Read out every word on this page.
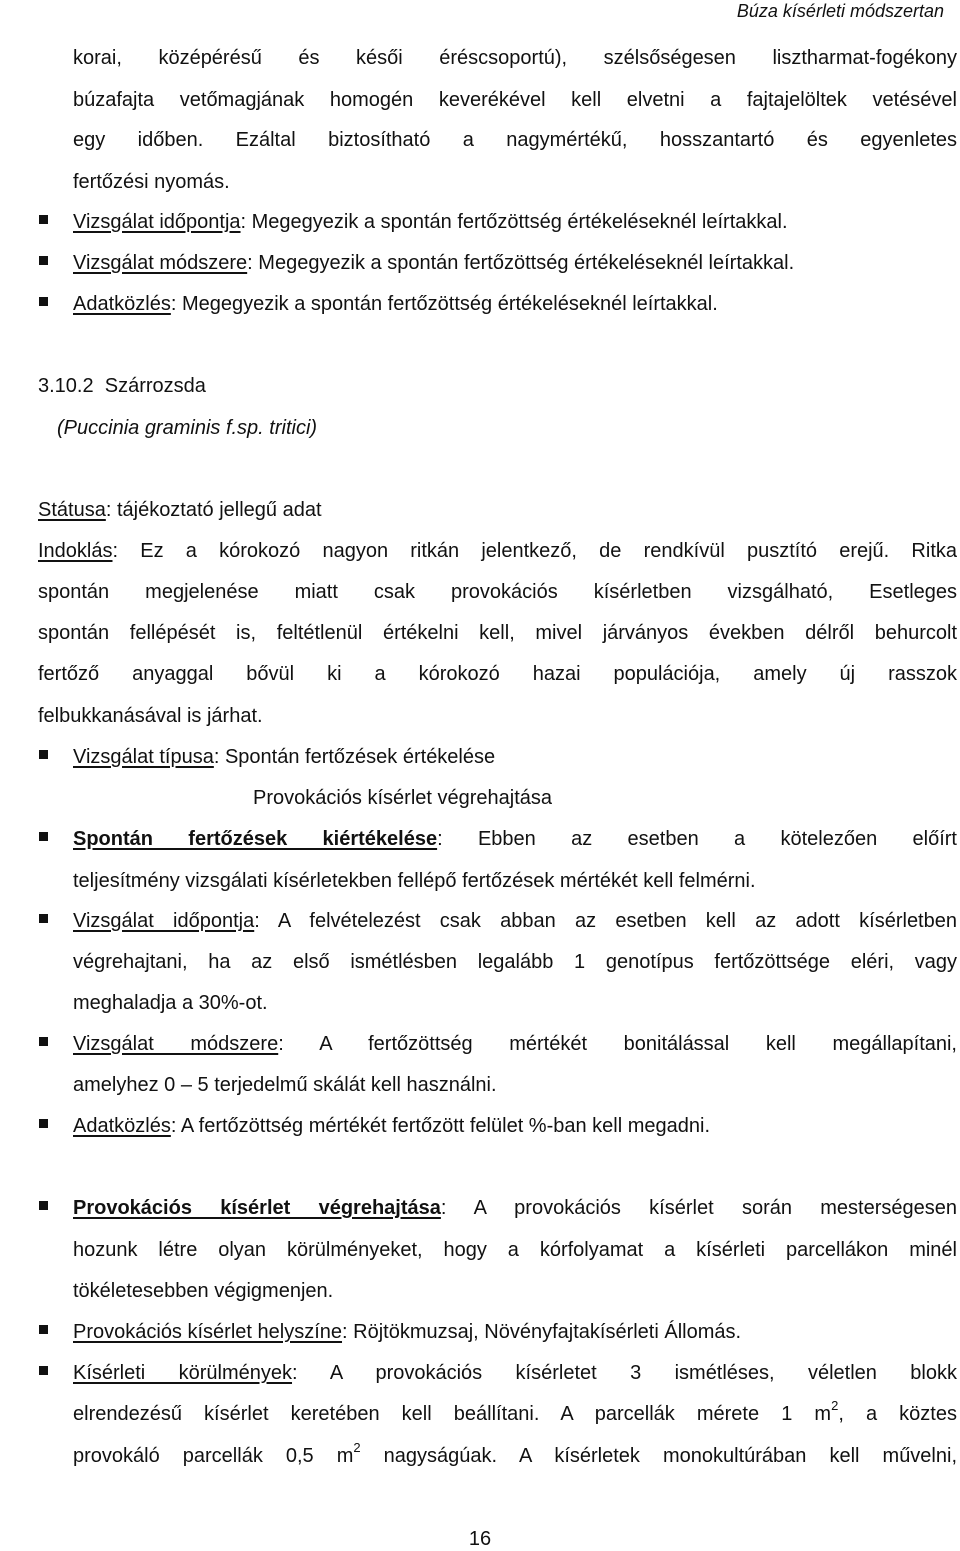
Búza kísérleti módszertan
korai, középérésű és késői éréscsoportú), szélsőségesen lisztharmat-fogékony
búzafajta vetőmagjának homogén keverékével kell elvetni a fajtajelöltek vetésével
egy időben. Ezáltal biztosítható a nagymértékű, hosszantartó és egyenletes
fertőzési nyomás.
Vizsgálat időpontja: Megegyezik a spontán fertőzöttség értékeléseknél leírtakkal.
Vizsgálat módszere: Megegyezik a spontán fertőzöttség értékeléseknél leírtakkal.
Adatközlés: Megegyezik a spontán fertőzöttség értékeléseknél leírtakkal.
3.10.2 Szárrozsda
(Puccinia graminis f.sp. tritici)
Státusa: tájékoztató jellegű adat
Indoklás: Ez a kórokozó nagyon ritkán jelentkező, de rendkívül pusztító erejű. Ritka
spontán megjelenése miatt csak provokációs kísérletben vizsgálható, Esetleges
spontán fellépését is, feltétlenül értékelni kell, mivel járványos években délről behurcolt
fertőző anyaggal bővül ki a kórokozó hazai populációja, amely új rasszok
felbukkanásával is járhat.
Vizsgálat típusa: Spontán fertőzések értékelése
Provokációs kísérlet végrehajtása
Spontán fertőzések kiértékelése: Ebben az esetben a kötelezően előírt
teljesítmény vizsgálati kísérletekben fellépő fertőzések mértékét kell felmérni.
Vizsgálat időpontja: A felvételezést csak abban az esetben kell az adott kísérletben
végrehajtani, ha az első ismétlésben legalább 1 genotípus fertőzöttsége eléri, vagy
meghaladja a 30%-ot.
Vizsgálat módszere: A fertőzöttség mértékét bonitálással kell megállapítani,
amelyhez 0 – 5 terjedelmű skálát kell használni.
Adatközlés: A fertőzöttség mértékét fertőzött felület %-ban kell megadni.
Provokációs kísérlet végrehajtása: A provokációs kísérlet során mesterségesen
hozunk létre olyan körülményeket, hogy a kórfolyamat a kísérleti parcellákon minél
tökéletesebben végigmenjen.
Provokációs kísérlet helyszíne: Röjtökmuzsaj, Növényfajtakísérleti Állomás.
Kísérleti körülmények: A provokációs kísérletet 3 ismétléses, véletlen blokk
elrendezésű kísérlet keretében kell beállítani. A parcellák mérete 1 $m^2$, a köztes
provokáló parcellák 0,5 $m^2$ nagyságúak. A kísérletek monokultúrában kell művelni,
16
